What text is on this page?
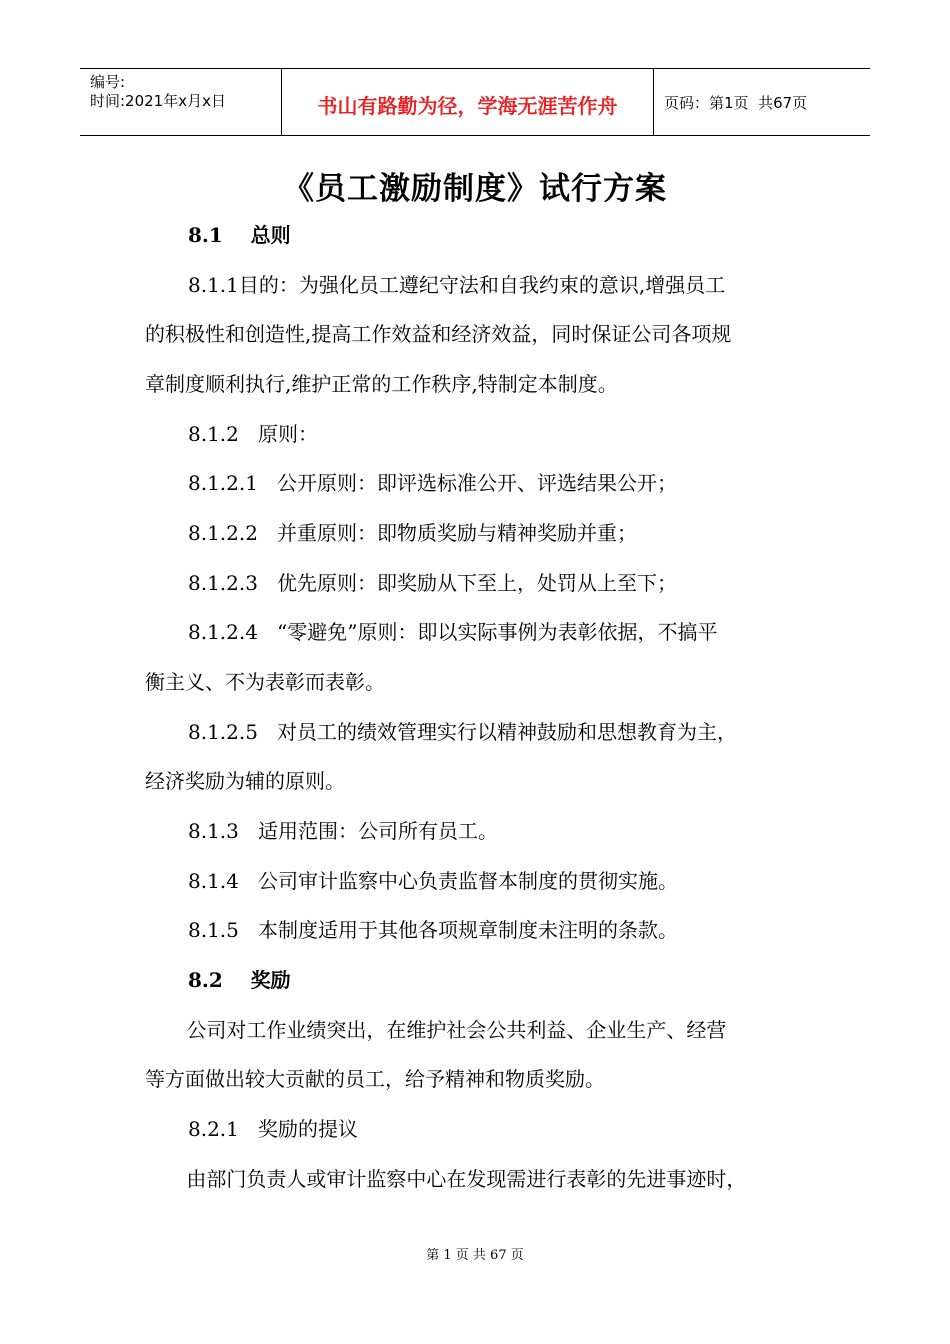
编号:
时间:2021年x月x日	书山有路勤为径，学海无涯苦作舟	页码：第1页  共67页
《员工激励制度》试行方案
8.1    总则
8.1.1目的：为强化员工遵纪守法和自我约束的意识,增强员工
的积极性和创造性,提高工作效益和经济效益，同时保证公司各项规
章制度顺利执行,维护正常的工作秩序,特制定本制度。
8.1.2   原则：
8.1.2.1   公开原则：即评选标准公开、评选结果公开；
8.1.2.2   并重原则：即物质奖励与精神奖励并重；
8.1.2.3   优先原则：即奖励从下至上，处罚从上至下；
8.1.2.4   “零避免”原则：即以实际事例为表彰依据，不搞平
衡主义、不为表彰而表彰。
8.1.2.5   对员工的绩效管理实行以精神鼓励和思想教育为主，
经济奖励为辅的原则。
8.1.3   适用范围：公司所有员工。
8.1.4   公司审计监察中心负责监督本制度的贯彻实施。
8.1.5   本制度适用于其他各项规章制度未注明的条款。
8.2    奖励
公司对工作业绩突出，在维护社会公共利益、企业生产、经营
等方面做出较大贡献的员工，给予精神和物质奖励。
8.2.1   奖励的提议
由部门负责人或审计监察中心在发现需进行表彰的先进事迹时，
第 1 页 共 67 页
